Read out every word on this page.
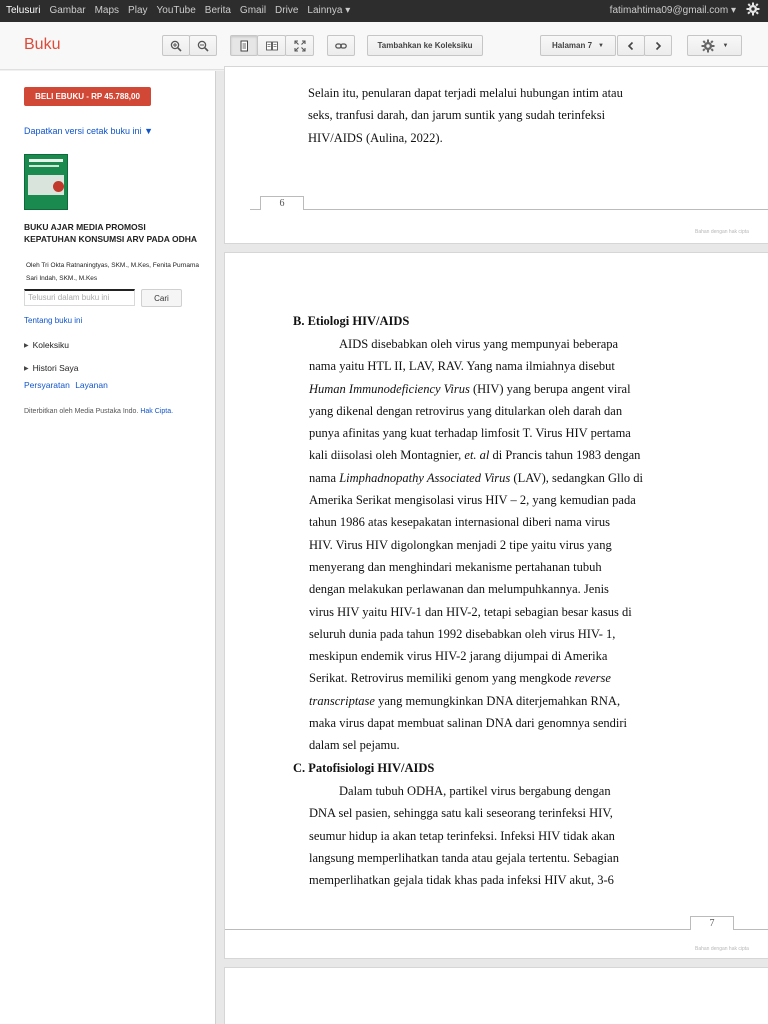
Telusuri Gambar Maps Play YouTube Berita Gmail Drive Lainnya ▾	fatimahtima09@gmail.com ▾
Buku	Tambahkan ke Koleksiku	Halaman 7 ▼	▼
BELI EBUKU - RP 45.788,00
Dapatkan versi cetak buku ini ▼
BUKU AJAR MEDIA PROMOSI KEPATUHAN KONSUMSI ARV PADA ODHA
Oleh Tri Okta Ratnaningtyas, SKM., M.Kes, Fenita Purnama Sari Indah, SKM., M.Kes
Telusuri dalam buku ini	Cari
Tentang buku ini
▶ Koleksiku
▶ Histori Saya
Persyaratan Layanan
Diterbitkan oleh Media Pustaka Indo. Hak Cipta.
Selain itu, penularan dapat terjadi melalui hubungan intim atau
seks, tranfusi darah, dan jarum suntik yang sudah terinfeksi
HIV/AIDS (Aulina, 2022).
6
Bahan dengan hak cipta
B. Etiologi HIV/AIDS
AIDS disebabkan oleh virus yang mempunyai beberapa
nama yaitu HTL II, LAV, RAV. Yang nama ilmiahnya disebut
Human Immunodeficiency Virus (HIV) yang berupa angent viral
yang dikenal dengan retrovirus yang ditularkan oleh darah dan
punya afinitas yang kuat terhadap limfosit T. Virus HIV pertama
kali diisolasi oleh Montagnier, et. al di Prancis tahun 1983 dengan
nama Limphadnopathy Associated Virus (LAV), sedangkan Gllo di
Amerika Serikat mengisolasi virus HIV – 2, yang kemudian pada
tahun 1986 atas kesepakatan internasional diberi nama virus
HIV. Virus HIV digolongkan menjadi 2 tipe yaitu virus yang
menyerang dan menghindari mekanisme pertahanan tubuh
dengan melakukan perlawanan dan melumpuhkannya. Jenis
virus HIV yaitu HIV-1 dan HIV-2, tetapi sebagian besar kasus di
seluruh dunia pada tahun 1992 disebabkan oleh virus HIV- 1,
meskipun endemik virus HIV-2 jarang dijumpai di Amerika
Serikat. Retrovirus memiliki genom yang mengkode reverse
transcriptase yang memungkinkan DNA diterjemahkan RNA,
maka virus dapat membuat salinan DNA dari genomnya sendiri
dalam sel pejamu.
C. Patofisiologi HIV/AIDS
Dalam tubuh ODHA, partikel virus bergabung dengan
DNA sel pasien, sehingga satu kali seseorang terinfeksi HIV,
seumur hidup ia akan tetap terinfeksi. Infeksi HIV tidak akan
langsung memperlihatkan tanda atau gejala tertentu. Sebagian
memperlihatkan gejala tidak khas pada infeksi HIV akut, 3-6
7
Bahan dengan hak cipta
